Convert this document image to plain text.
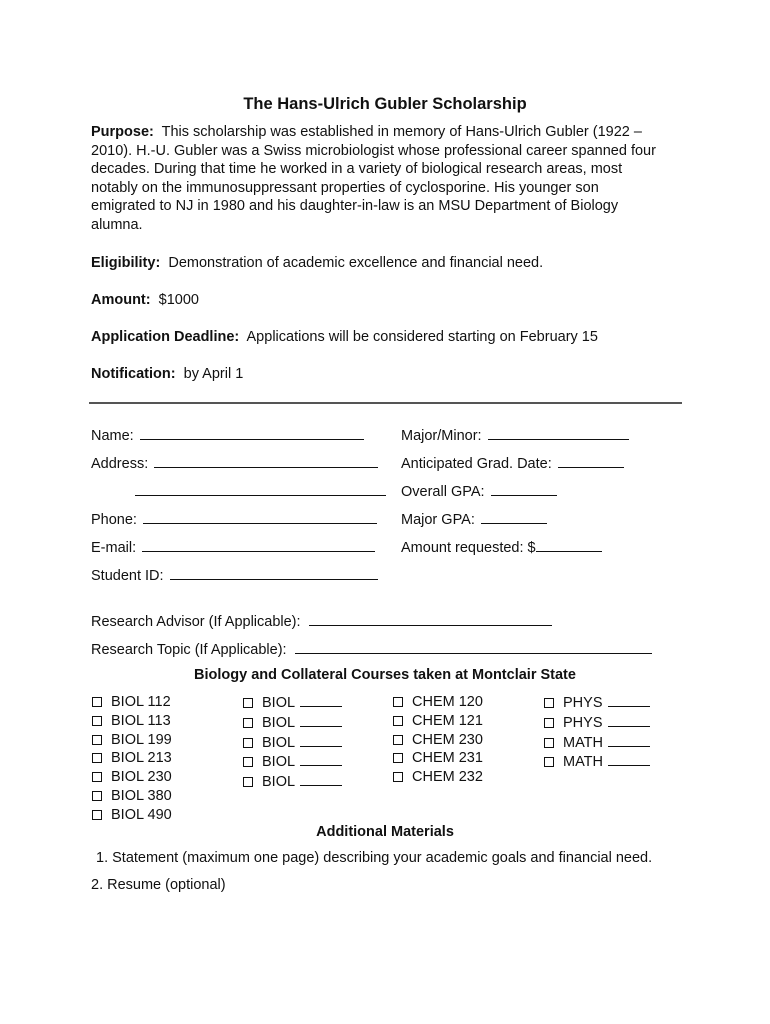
The Hans-Ulrich Gubler Scholarship
Purpose: This scholarship was established in memory of Hans-Ulrich Gubler (1922 –
2010). H.-U. Gubler was a Swiss microbiologist whose professional career spanned four
decades. During that time he worked in a variety of biological research areas, most
notably on the immunosuppressant properties of cyclosporine. His younger son
emigrated to NJ in 1980 and his daughter-in-law is an MSU Department of Biology
alumna.
Eligibility: Demonstration of academic excellence and financial need.
Amount: $1000
Application Deadline: Applications will be considered starting on February 15
Notification: by April 1
Name:	Major/Minor:
Address:	Anticipated Grad. Date:
Overall GPA:
Phone:	Major GPA:
E-mail:	Amount requested: $
Student ID:
Research Advisor (If Applicable):
Research Topic (If Applicable):
Biology and Collateral Courses taken at Montclair State
BIOL 112
BIOL 113
BIOL 199
BIOL 213
BIOL 230
BIOL 380
BIOL 490
BIOL
BIOL
BIOL
BIOL
BIOL
CHEM 120
CHEM 121
CHEM 230
CHEM 231
CHEM 232
PHYS
PHYS
MATH
MATH
Additional Materials
1. Statement (maximum one page) describing your academic goals and financial need.
2. Resume (optional)
